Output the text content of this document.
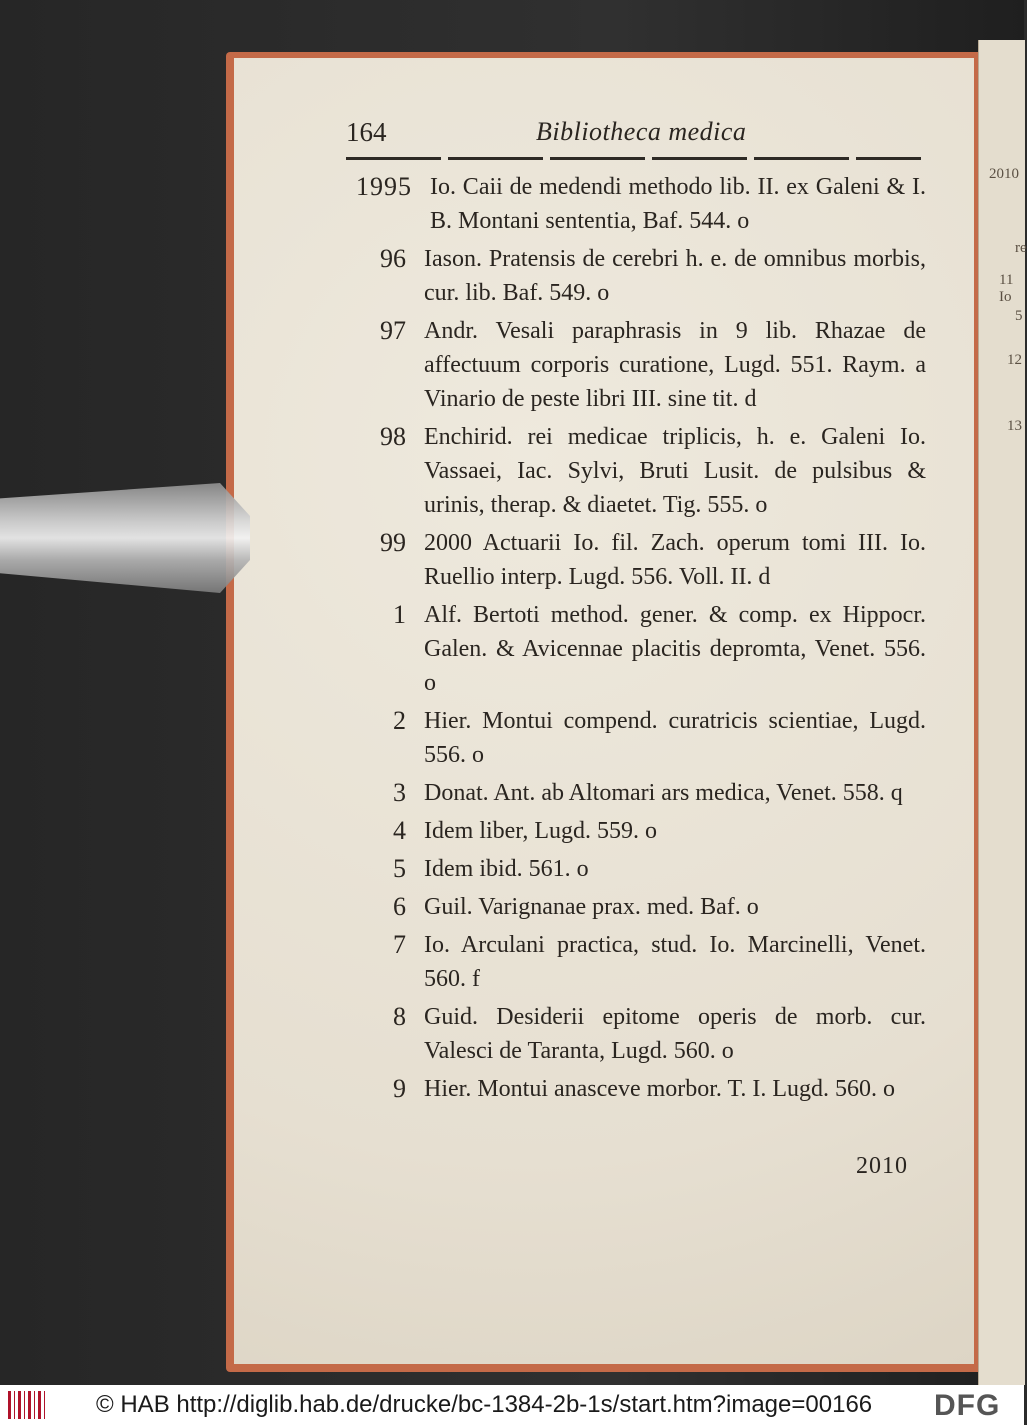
2010
re
11 Io
5
12
13
164	Bibliotheca medica
1995 Io. Caii de medendi methodo lib. II. ex Galeni & I. B. Montani sententia, Baf. 544. o
96 Iason. Pratensis de cerebri h. e. de omnibus morbis, cur. lib. Baf. 549. o
97 Andr. Vesali paraphrasis in 9 lib. Rhazae de affectuum corporis curatione, Lugd. 551. Raym. a Vinario de peste libri III. sine tit. d
98 Enchirid. rei medicae triplicis, h. e. Galeni Io. Vassaei, Iac. Sylvi, Bruti Lusit. de pulsibus & urinis, therap. & diaetet. Tig. 555. o
99 2000 Actuarii Io. fil. Zach. operum tomi III. Io. Ruellio interp. Lugd. 556. Voll. II. d
1 Alf. Bertoti method. gener. & comp. ex Hippocr. Galen. & Avicennae placitis depromta, Venet. 556. o
2 Hier. Montui compend. curatricis scientiae, Lugd. 556. o
3 Donat. Ant. ab Altomari ars medica, Venet. 558. q
4 Idem liber, Lugd. 559. o
5 Idem ibid. 561. o
6 Guil. Varignanae prax. med. Baf. o
7 Io. Arculani practica, stud. Io. Marcinelli, Venet. 560. f
8 Guid. Desiderii epitome operis de morb. cur. Valesci de Taranta, Lugd. 560. o
9 Hier. Montui anasceve morbor. T. I. Lugd. 560. o
2010
© HAB http://diglib.hab.de/drucke/bc-1384-2b-1s/start.htm?image=00166 DFG
